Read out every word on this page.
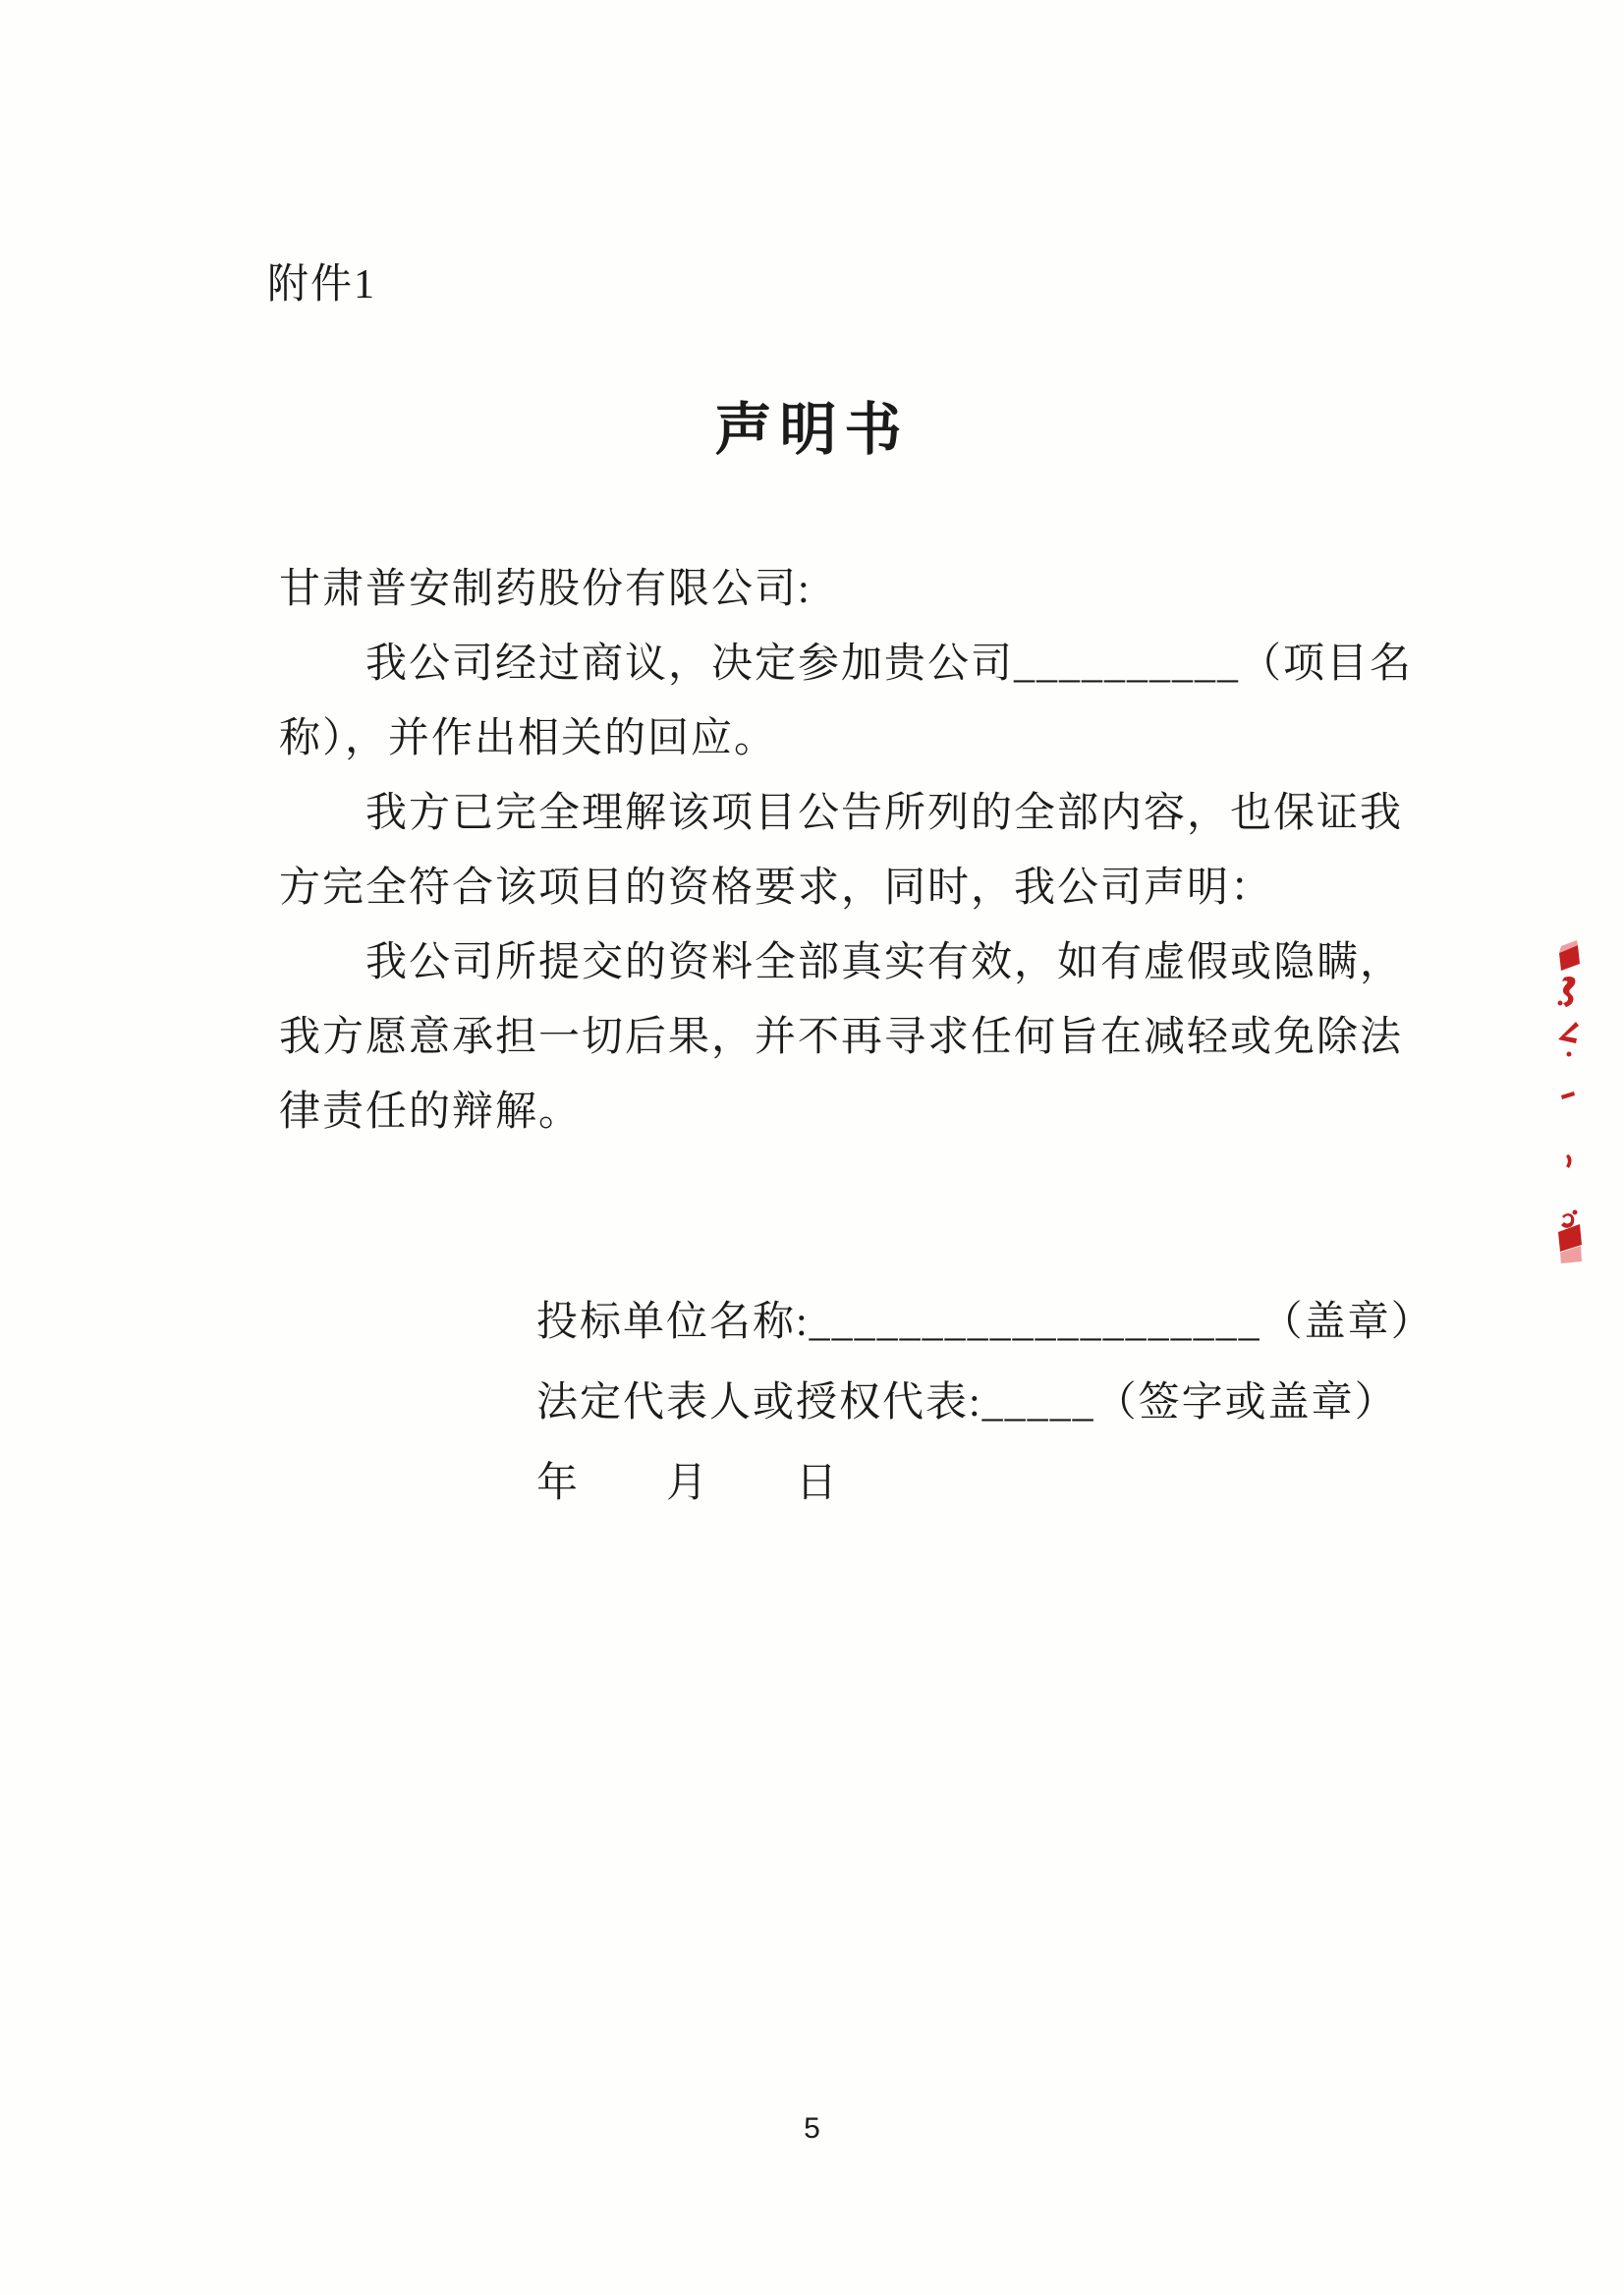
附件1
声明书
甘肃普安制药股份有限公司:
我公司经过商议，决定参加贵公司__________（项目名
称），并作出相关的回应。
我方已完全理解该项目公告所列的全部内容，也保证我
方完全符合该项目的资格要求，同时，我公司声明：
我公司所提交的资料全部真实有效，如有虚假或隐瞒，
我方愿意承担一切后果，并不再寻求任何旨在减轻或免除法
律责任的辩解。
投标单位名称:____________________（盖章）
法定代表人或授权代表:_____（签字或盖章）
年　　月　　日
5
